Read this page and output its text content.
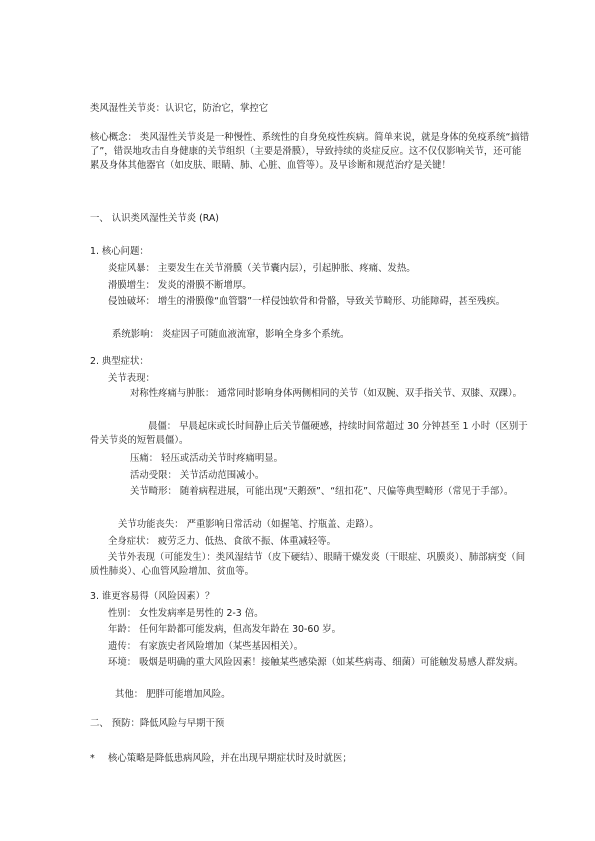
类风湿性关节炎：认识它，防治它，掌控它
核心概念： 类风湿性关节炎是一种慢性、系统性的自身免疫性疾病。简单来说，就是身体的免疫系统“搞错了”，错误地攻击自身健康的关节组织（主要是滑膜），导致持续的炎症反应。这不仅仅影响关节，还可能累及身体其他器官（如皮肤、眼睛、肺、心脏、血管等）。及早诊断和规范治疗是关键！
一、 认识类风湿性关节炎 (RA)
1. 核心问题：
炎症风暴： 主要发生在关节滑膜（关节囊内层），引起肿胀、疼痛、发热。
滑膜增生： 发炎的滑膜不断增厚。
侵蚀破坏： 增生的滑膜像“血管翳”一样侵蚀软骨和骨骼，导致关节畸形、功能障碍，甚至残疾。
系统影响： 炎症因子可随血液流窜，影响全身多个系统。
2. 典型症状：
关节表现：
对称性疼痛与肿胀： 通常同时影响身体两侧相同的关节（如双腕、双手指关节、双膝、双踝）。
晨僵： 早晨起床或长时间静止后关节僵硬感，持续时间常超过 30 分钟甚至 1 小时（区别于骨关节炎的短暂晨僵）。
压痛： 轻压或活动关节时疼痛明显。
活动受限： 关节活动范围减小。
关节畸形： 随着病程进展，可能出现“天鹅颈”、“纽扣花”、尺偏等典型畸形（常见于手部）。
关节功能丧失： 严重影响日常活动（如握笔、拧瓶盖、走路）。
全身症状： 疲劳乏力、低热、食欲不振、体重减轻等。
关节外表现（可能发生）：类风湿结节（皮下硬结）、眼睛干燥发炎（干眼症、巩膜炎）、肺部病变（间质性肺炎）、心血管风险增加、贫血等。
3. 谁更容易得（风险因素）？
性别： 女性发病率是男性的 2-3 倍。
年龄： 任何年龄都可能发病，但高发年龄在 30-60 岁。
遗传： 有家族史者风险增加（某些基因相关）。
环境： 吸烟是明确的重大风险因素！接触某些感染源（如某些病毒、细菌）可能触发易感人群发病。
其他： 肥胖可能增加风险。
二、 预防：降低风险与早期干预
* 核心策略是降低患病风险，并在出现早期症状时及时就医；
